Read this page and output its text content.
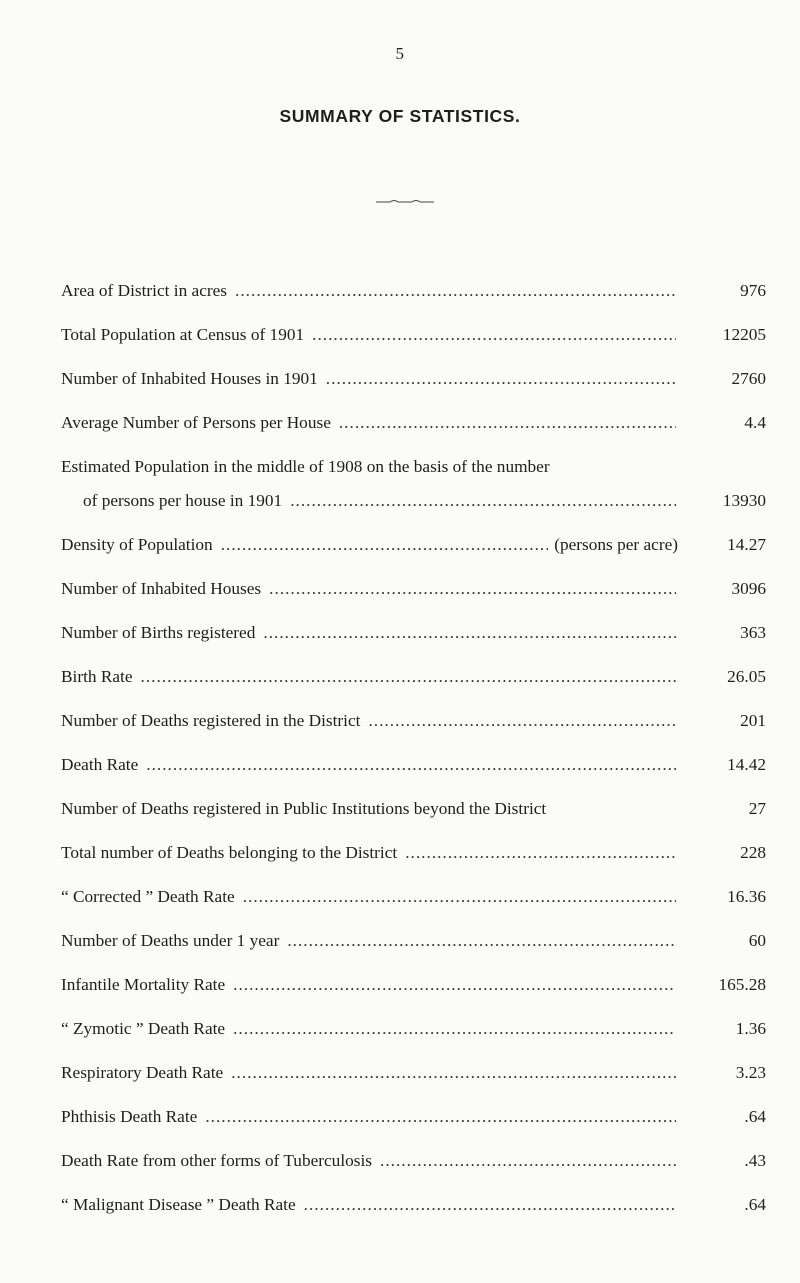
5
SUMMARY OF STATISTICS.
Area of District in acres .....	976
Total Population at Census of 1901 .....	12205
Number of Inhabited Houses in 1901 .....	2760
Average Number of Persons per House .....	4.4
Estimated Population in the middle of 1908 on the basis of the number
of persons per house in 1901 .....	13930
Density of Population .....	(persons per acre)	14.27
Number of Inhabited Houses .....	3096
Number of Births registered .....	363
Birth Rate .....	26.05
Number of Deaths registered in the District .....	201
Death Rate .....	14.42
Number of Deaths registered in Public Institutions beyond the District	27
Total number of Deaths belonging to the District .....	228
“ Corrected ” Death Rate .....	16.36
Number of Deaths under 1 year .....	60
Infantile Mortality Rate .....	165.28
“ Zymotic ” Death Rate .....	1.36
Respiratory Death Rate .....	3.23
Phthisis Death Rate .....	.64
Death Rate from other forms of Tuberculosis .....	.43
“ Malignant Disease ” Death Rate .....	.64
